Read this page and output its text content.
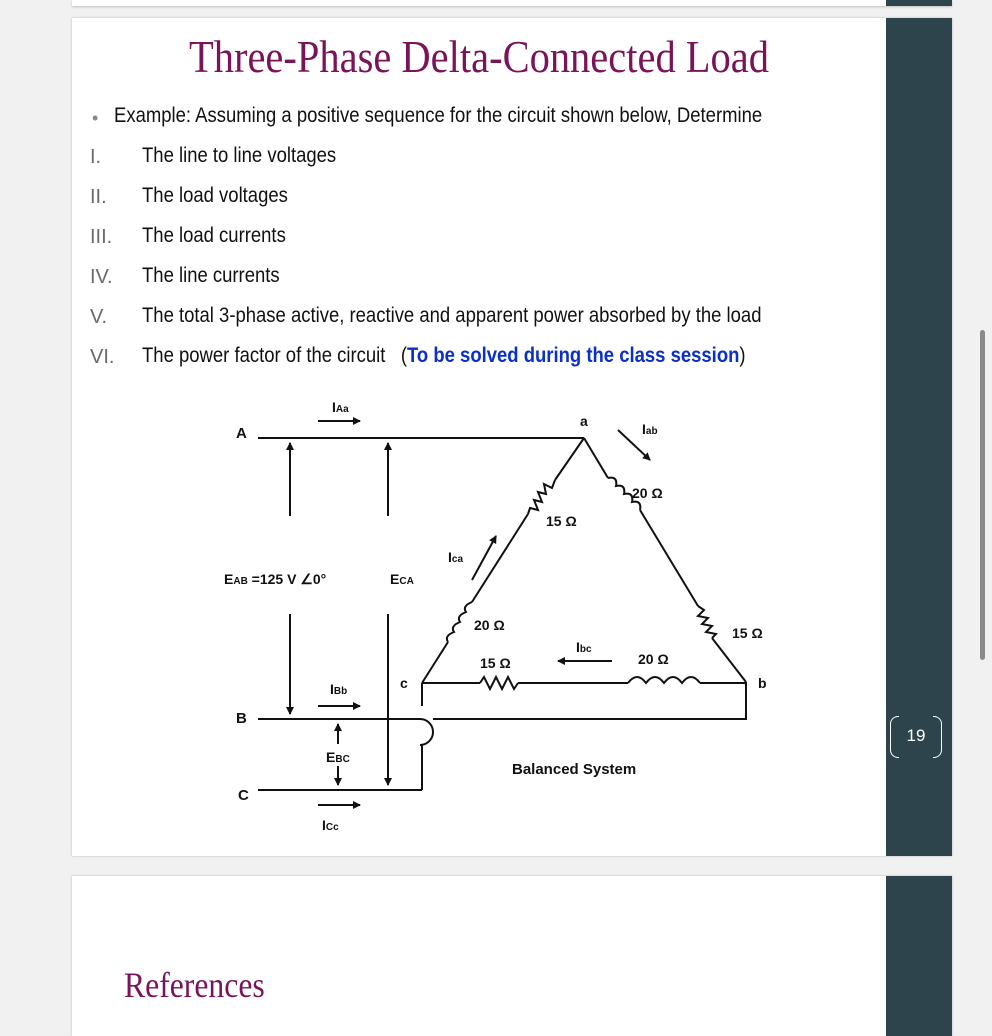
Three-Phase Delta-Connected Load
• Example: Assuming a positive sequence for the circuit shown below, Determine
I. The line to line voltages
II. The load voltages
III. The load currents
IV. The line currents
V. The total 3-phase active, reactive and apparent power absorbed by the load
VI. The power factor of the circuit (To be solved during the class session)
A
B
C
a
b
c
IAa
Iab
Ica
Ibc
IBb
ICc
EAB =125 V ∠0°	ECA
EBC
15 Ω
20 Ω
15 Ω
20 Ω
15 Ω
20 Ω
Balanced System
19
References
